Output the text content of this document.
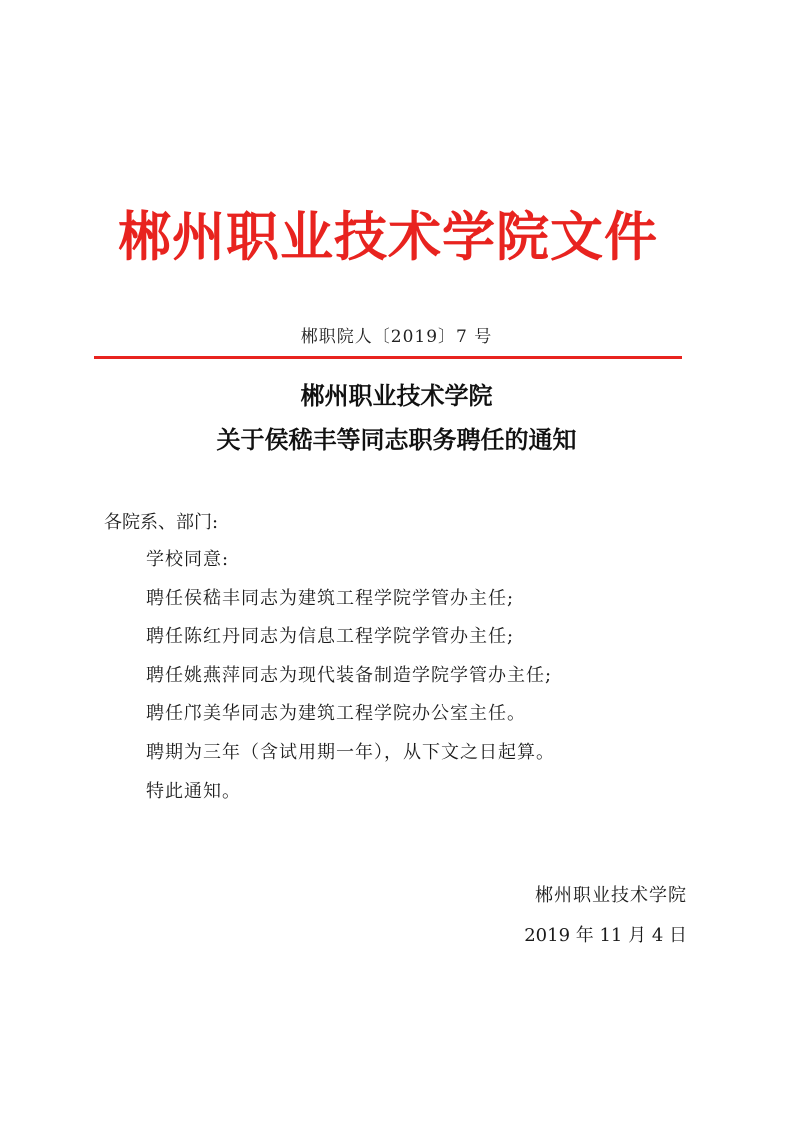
郴州职业技术学院文件
郴职院人〔2019〕7 号
郴州职业技术学院
关于侯嵇丰等同志职务聘任的通知
各院系、部门:
学校同意:
聘任侯嵇丰同志为建筑工程学院学管办主任;
聘任陈红丹同志为信息工程学院学管办主任;
聘任姚燕萍同志为现代装备制造学院学管办主任;
聘任邝美华同志为建筑工程学院办公室主任。
聘期为三年（含试用期一年），从下文之日起算。
特此通知。
郴州职业技术学院
2019 年 11 月 4 日
